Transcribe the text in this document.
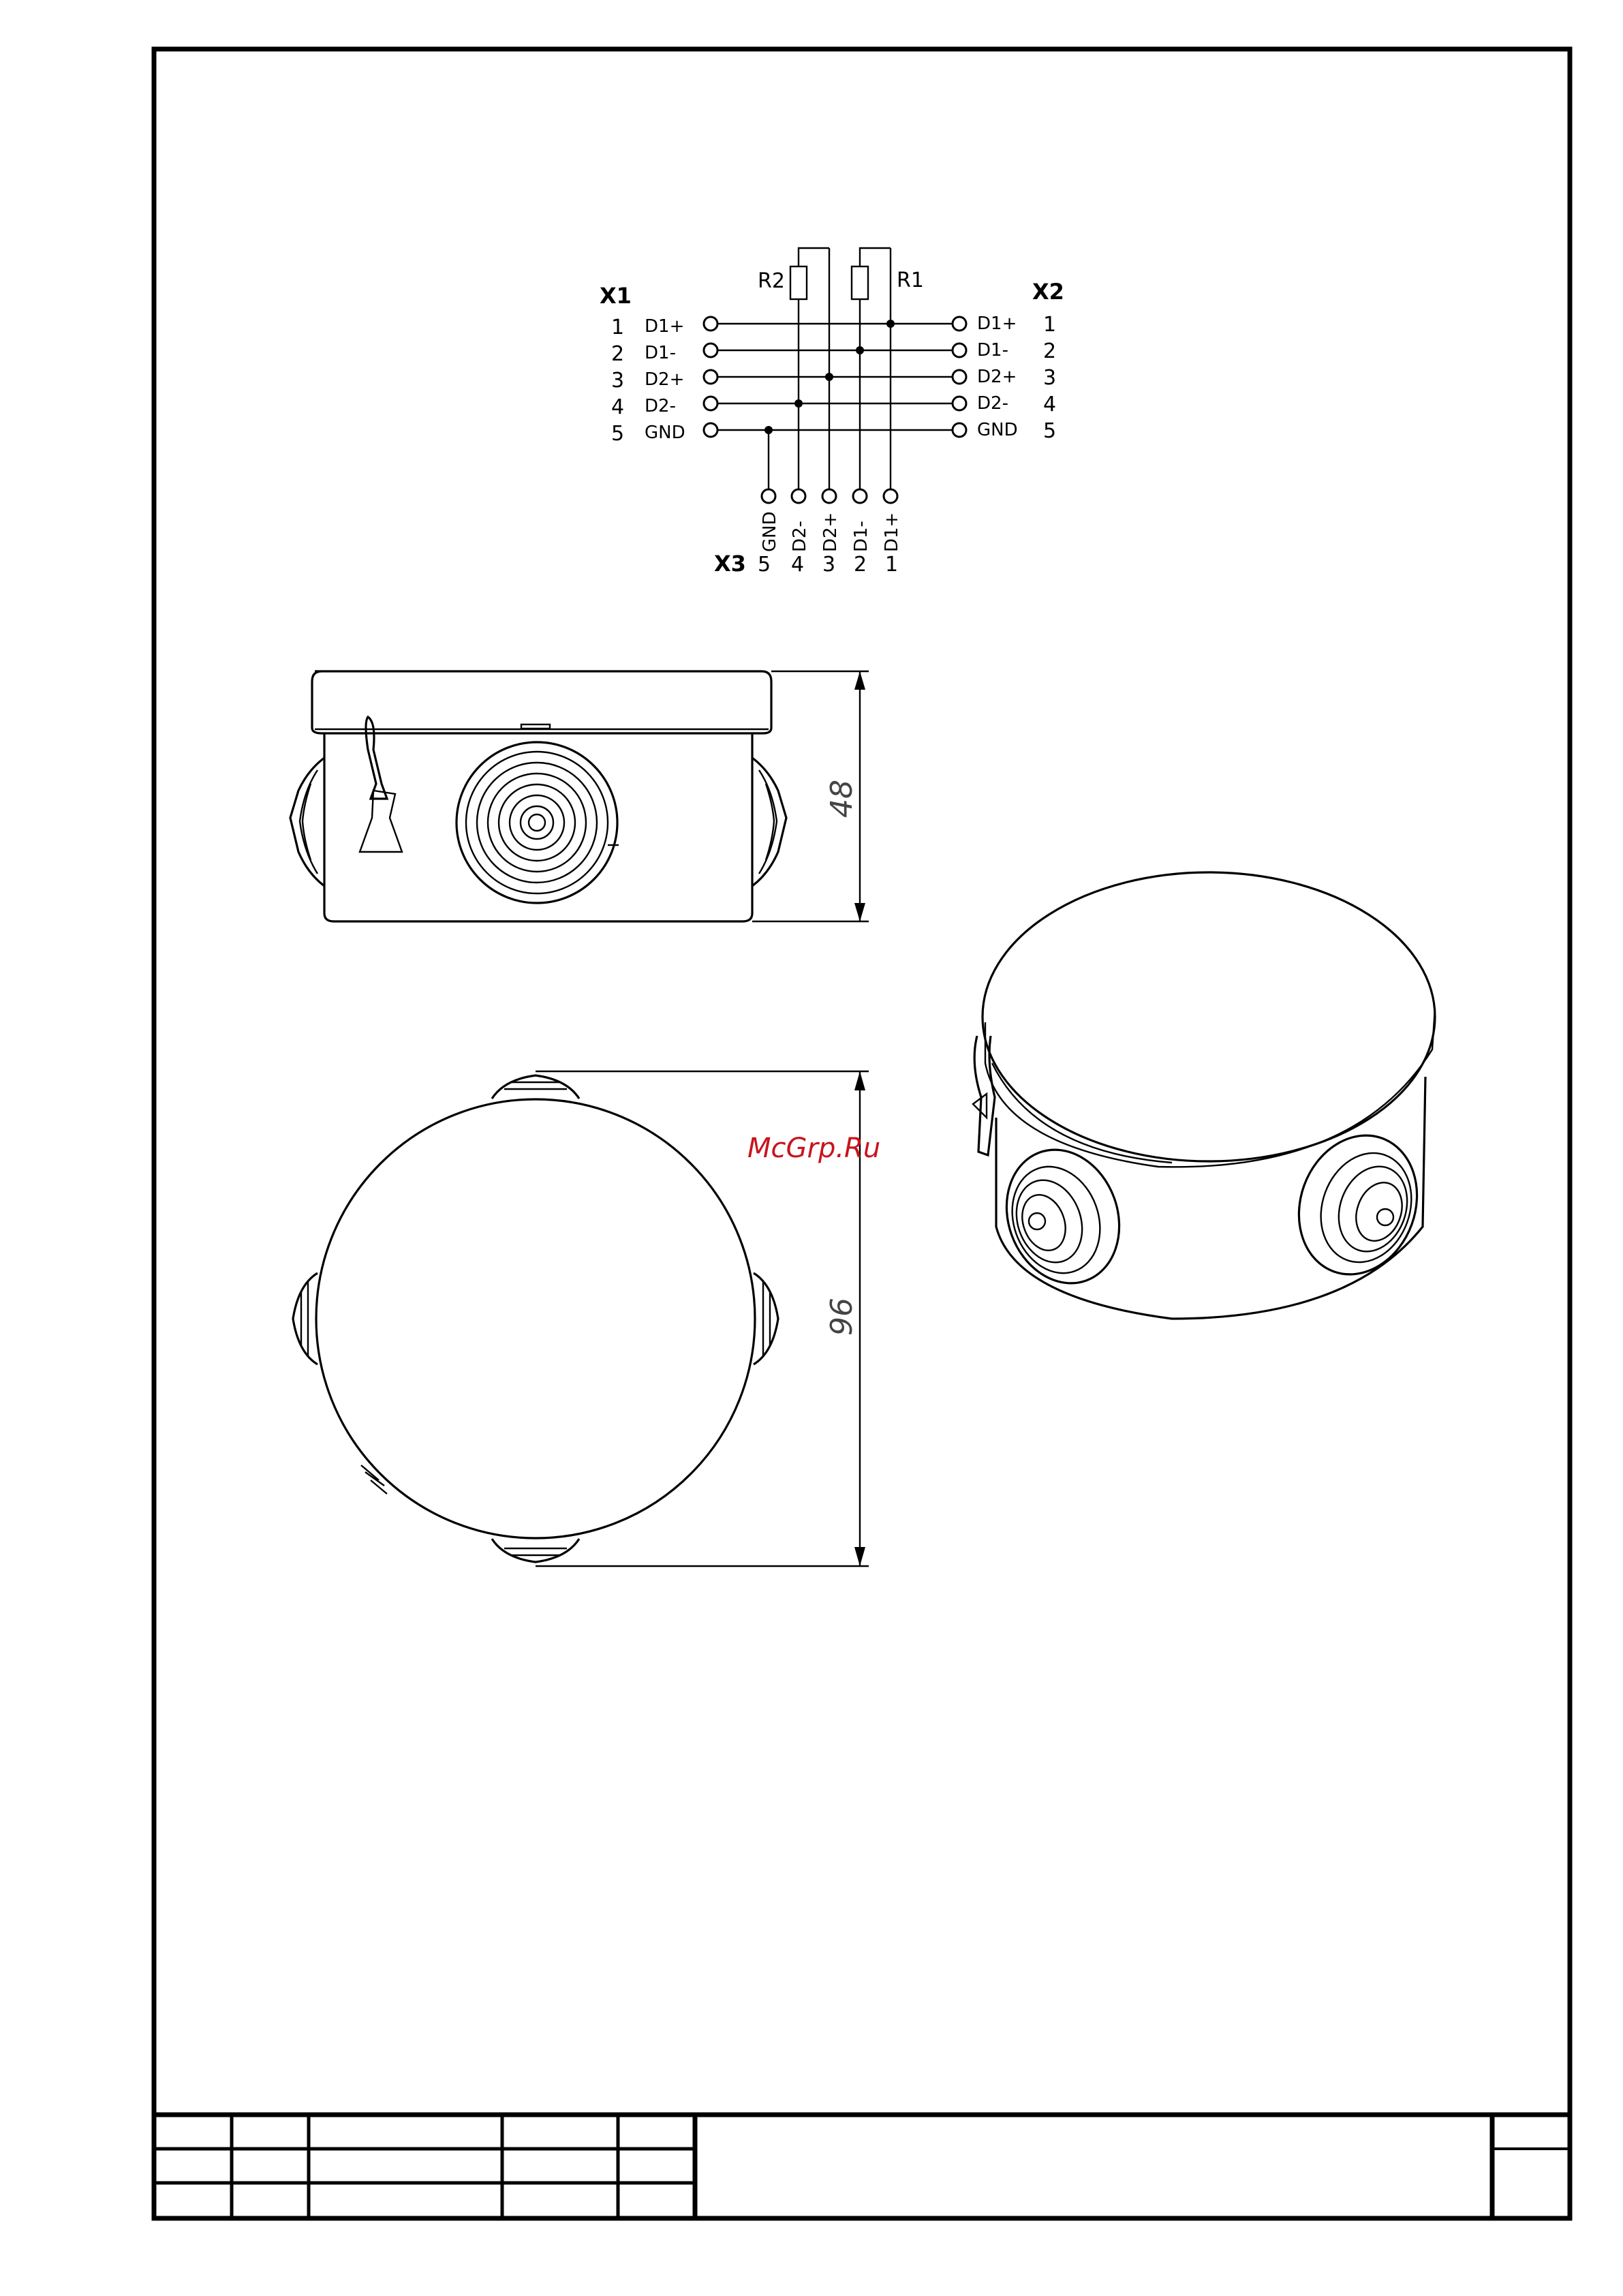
X1	X2
X3
1
2
3
4
5
D1+
D1-
D2+
D2-
GND
D1+
D1-
D2+
D2-
GND
1
2
3
4
5
R2	R1
GND D2- D2+ D1- D1+
5 4 3 2 1
48
96
McGrp.Ru
